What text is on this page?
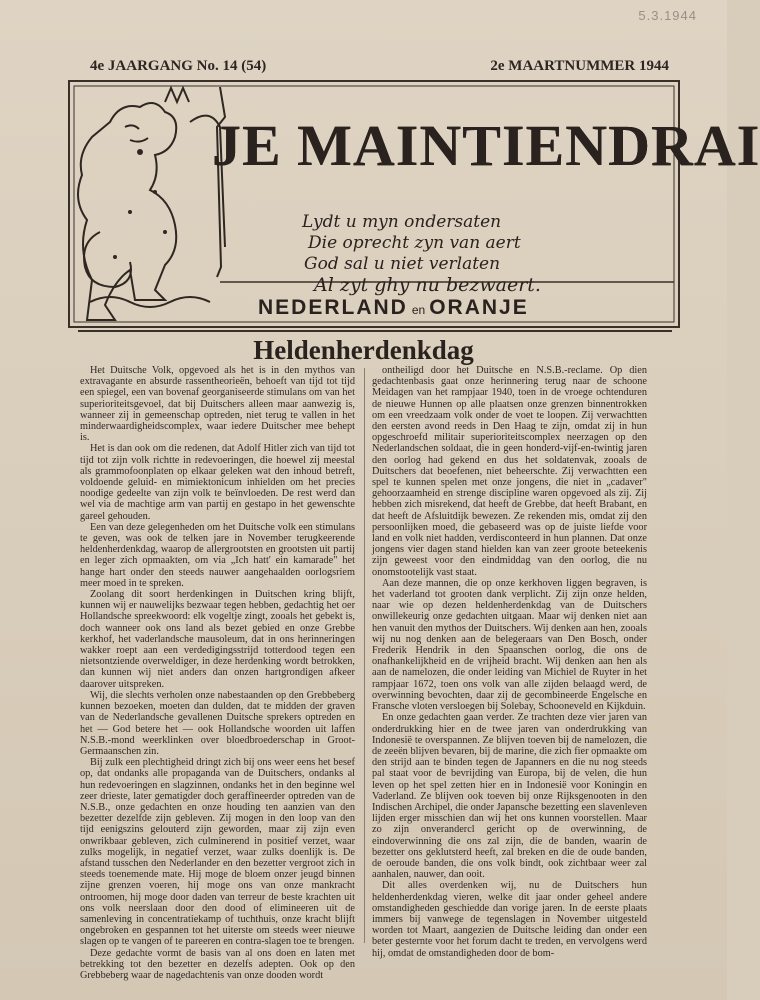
5.3.1944
4e JAARGANG No. 14 (54)	2e MAARTNUMMER 1944
JE MAINTIENDRAI
Lydt u myn ondersaten
Die oprecht zyn van aert
God sal u niet verlaten
Al zyt ghy nu bezwaert.
NEDERLAND en ORANJE
Heldenherdenkdag

Het Duitsche Volk, opgevoed als het is in den mythos van extravagante en absurde rassentheorieën, behoeft van tijd tot tijd een spiegel, een van bovenaf georganiseerde stimulans om van het superioriteitsgevoel, dat bij Duitschers alleen maar aanwezig is, wanneer zij in gemeenschap optreden, niet terug te vallen in het minderwaardigheidscomplex, waar iedere Duitscher mee behept is.

Het is dan ook om die redenen, dat Adolf Hitler zich van tijd tot tijd tot zijn volk richtte in redevoeringen, die hoewel zij meestal als grammofoonplaten op elkaar geleken wat den inhoud betreft, voldoende geluid- en mimiektonicum inhielden om het precies noodige gedeelte van zijn volk te beïnvloeden. De rest werd dan wel via de machtige arm van partij en gestapo in het gewenschte gareel gehouden.

Een van deze gelegenheden om het Duitsche volk een stimulans te geven, was ook de telken jare in November terugkeerende heldenherdenkdag, waarop de allergrootsten en grootsten uit partij en leger zich opmaakten, om via „Ich hatt' ein kamarade" het hange hart onder den steeds nauwer aangehaalden oorlogsriem meer moed in te spreken.

Zoolang dit soort herdenkingen in Duitschen kring blijft, kunnen wij er nauwelijks bezwaar tegen hebben, gedachtig het oer Hollandsche spreekwoord: elk vogeltje zingt, zooals het gebekt is, doch wanneer ook ons land als bezet gebied en onze Grebbe kerkhof, het vaderlandsche mausoleum, dat in ons herinneringen wakker roept aan een verdedigingsstrijd totterdood tegen een nietsontziende overweldiger, in deze herdenking wordt betrokken, dan kunnen wij niet anders dan onzen hartgrondigen afkeer daarover uitspreken.

Wij, die slechts verholen onze nabestaanden op den Grebbeberg kunnen bezoeken, moeten dan dulden, dat te midden der graven van de Nederlandsche gevallenen Duitsche sprekers optreden en het — God betere het — ook Hollandsche woorden uit laffen N.S.B.-mond weerklinken over bloedbroederschap in Groot-Germaanschen zin.

Bij zulk een plechtigheid dringt zich bij ons weer eens het besef op, dat ondanks alle propaganda van de Duitschers, ondanks al hun redevoeringen en slagzinnen, ondanks het in den beginne wel zeer drieste, later gematigder doch geraffineerder optreden van de N.S.B., onze gedachten en onze houding ten aanzien van den bezetter dezelfde zijn gebleven. Zij mogen in den loop van den tijd eenigszins gelouterd zijn geworden, maar zij zijn even onwrikbaar gebleven, zich culminerend in positief verzet, waar zulks mogelijk, in negatief verzet, waar zulks doenlijk is. De afstand tusschen den Nederlander en den bezetter vergroot zich in steeds toenemende mate. Hij moge de bloem onzer jeugd binnen zijne grenzen voeren, hij moge ons van onze mankracht ontroomen, hij moge door daden van terreur de beste krachten uit ons volk neerslaan door den dood of elimineeren uit de samenleving in concentratiekamp of tuchthuis, onze kracht blijft ongebroken en gespannen tot het uiterste om steeds weer nieuwe slagen op te vangen of te pareeren en contra-slagen toe te brengen.

Deze gedachte vormt de basis van al ons doen en laten met betrekking tot den bezetter en dezelfs adepten. Ook op den Grebbeberg waar de nagedachtenis van onze dooden wordt

ontheiligd door het Duitsche en N.S.B.-reclame. Op dien gedachtenbasis gaat onze herinnering terug naar de schoone Meidagen van het rampjaar 1940, toen in de vroege ochtenduren de nieuwe Hunnen op alle plaatsen onze grenzen binnentrokken om een vreedzaam volk onder de voet te loopen. Zij verwachtten den eersten avond reeds in Den Haag te zijn, omdat zij in hun opgeschroefd militair superioriteitscomplex neerzagen op den Nederlandschen soldaat, die in geen honderd-vijf-en-twintig jaren den oorlog had gekend en dus het soldatenvak, zooals de Duitschers dat beoefenen, niet beheerschte. Zij verwachtten een spel te kunnen spelen met onze jongens, die niet in „cadaver" gehoorzaamheid en strenge discipline waren opgevoed als zij. Zij hebben zich misrekend, dat heeft de Grebbe, dat heeft Brabant, en dat heeft de Afsluitdijk bewezen. Ze rekenden mis, omdat zij den persoonlijken moed, die gebaseerd was op de juiste liefde voor land en volk niet hadden, verdisconteerd in hun plannen. Dat onze jongens vier dagen stand hielden kan van zeer groote beteekenis zijn geweest voor den eindmiddag van den oorlog, die nu onomstootelijk vast staat.

Aan deze mannen, die op onze kerkhoven liggen begraven, is het vaderland tot grooten dank verplicht. Zij zijn onze helden, naar wie op dezen heldenherdenkdag van de Duitschers onwillekeurig onze gedachten uitgaan. Maar wij denken niet aan hen vanuit den mythos der Duitschers. Wij denken aan hen, zooals wij nu nog denken aan de belegeraars van Den Bosch, onder Frederik Hendrik in den Spaanschen oorlog, die ons de onafhankelijkheid en de vrijheid bracht. Wij denken aan hen als aan de namelozen, die onder leiding van Michiel de Ruyter in het rampjaar 1672, toen ons volk van alle zijden belaagd werd, de overwinning bevochten, daar zij de gecombineerde Engelsche en Fransche vloten versloegen bij Solebay, Schooneveld en Kijkduin.

En onze gedachten gaan verder. Ze trachten deze vier jaren van onderdrukking hier en de twee jaren van onderdrukking van Indonesië te overspannen. Ze blijven toeven bij de namelozen, die de zeeën blijven bevaren, bij de marine, die zich fier opmaakte om den strijd aan te binden tegen de Japanners en die nu nog steeds pal staat voor de bevrijding van Europa, bij de velen, die hun leven op het spel zetten hier en in Indonesië voor Koningin en Vaderland. Ze blijven ook toeven bij onze Rijksgenooten in den Indischen Archipel, die onder Japansche bezetting een slavenleven lijden erger misschien dan wij het ons kunnen voorstellen. Maar zo zijn onverandercl gericht op de overwinning, de eindoverwinning die ons zal zijn, die de banden, waarin de bezetter ons geklutsterd heeft, zal breken en die de oude banden, de oeroude banden, die ons volk bindt, ook zichtbaar weer zal aanhalen, nauwer, dan ooit.

Dit alles overdenken wij, nu de Duitschers hun heldenherdenkdag vieren, welke dit jaar onder geheel andere omstandigheden geschiedde dan vorige jaren. In de eerste plaats immers bij vanwege de tegenslagen in November uitgesteld worden tot Maart, aangezien de Duitsche leiding dan onder een beter gesternte voor het forum dacht te treden, en vervolgens werd hij, omdat de omstandigheden door de bom-
